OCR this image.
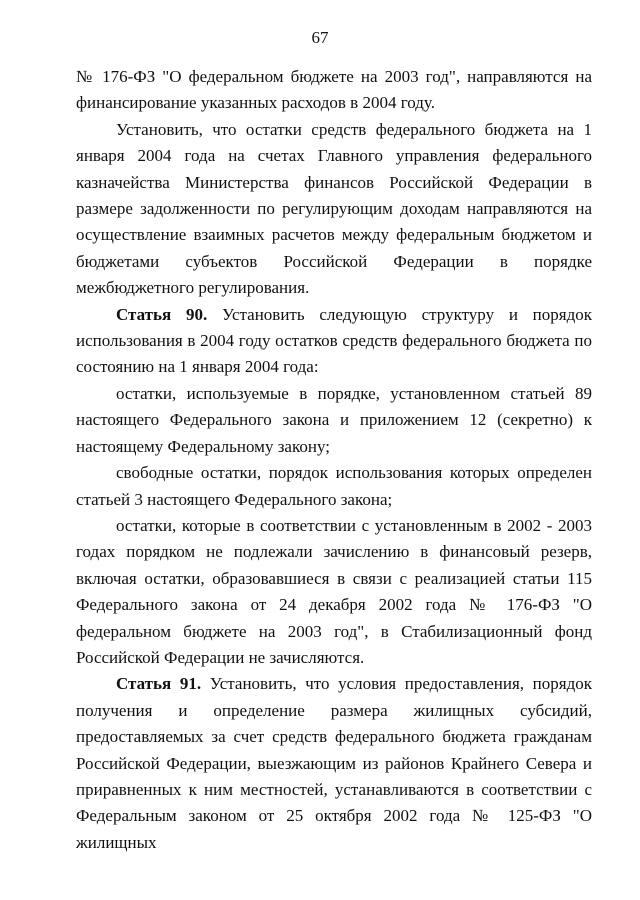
67

№ 176-ФЗ "О федеральном бюджете на 2003 год", направляются на финансирование указанных расходов в 2004 году.

Установить, что остатки средств федерального бюджета на 1 января 2004 года на счетах Главного управления федерального казначейства Министерства финансов Российской Федерации в размере задолженности по регулирующим доходам направляются на осуществление взаимных расчетов между федеральным бюджетом и бюджетами субъектов Российской Федерации в порядке межбюджетного регулирования.

Статья 90. Установить следующую структуру и порядок использования в 2004 году остатков средств федерального бюджета по состоянию на 1 января 2004 года:

остатки, используемые в порядке, установленном статьей 89 настоящего Федерального закона и приложением 12 (секретно) к настоящему Федеральному закону;

свободные остатки, порядок использования которых определен статьей 3 настоящего Федерального закона;

остатки, которые в соответствии с установленным в 2002 - 2003 годах порядком не подлежали зачислению в финансовый резерв, включая остатки, образовавшиеся в связи с реализацией статьи 115 Федерального закона от 24 декабря 2002 года № 176-ФЗ "О федеральном бюджете на 2003 год", в Стабилизационный фонд Российской Федерации не зачисляются.

Статья 91. Установить, что условия предоставления, порядок получения и определение размера жилищных субсидий, предоставляемых за счет средств федерального бюджета гражданам Российской Федерации, выезжающим из районов Крайнего Севера и приравненных к ним местностей, устанавливаются в соответствии с Федеральным законом от 25 октября 2002 года № 125-ФЗ "О жилищных
